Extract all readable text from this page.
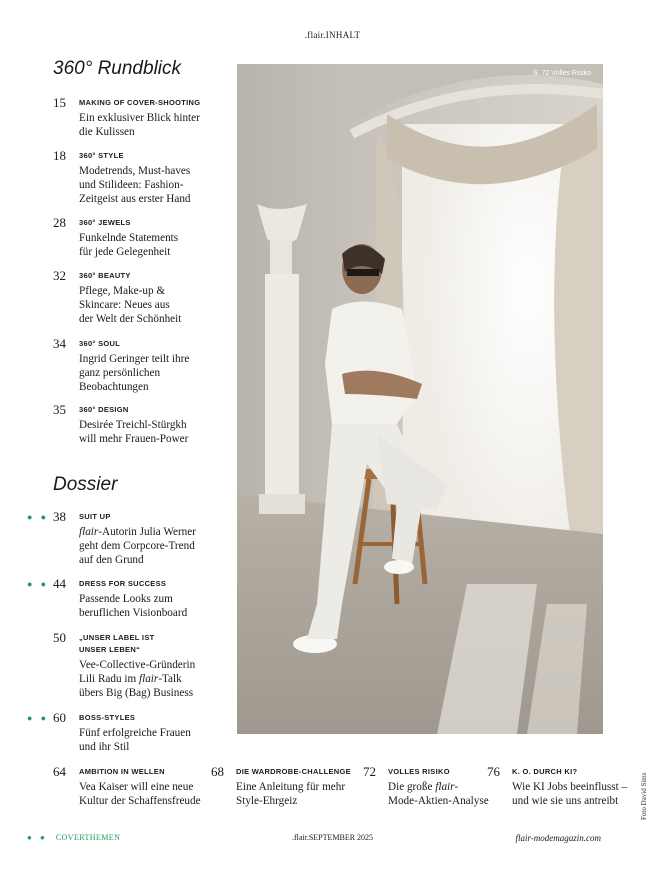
.flair.INHALT
360° Rundblick
15 MAKING OF COVER-SHOOTING
Ein exklusiver Blick hinter
die Kulissen
18 360° STYLE
Modetrends, Must-haves
und Stilideen: Fashion-
Zeitgeist aus erster Hand
28 360° JEWELS
Funkelnde Statements
für jede Gelegenheit
32 360° BEAUTY
Pflege, Make-up &
Skincare: Neues aus
der Welt der Schönheit
34 360° SOUL
Ingrid Geringer teilt ihre
ganz persönlichen
Beobachtungen
35 360° DESIGN
Desirée Treichl-Stürgkh
will mehr Frauen-Power
Dossier
● ● 38 SUIT UP
flair-Autorin Julia Werner
geht dem Corpcore-Trend
auf den Grund
● ● 44 DRESS FOR SUCCESS
Passende Looks zum
beruflichen Visionboard
50 „UNSER LABEL IST
UNSER LEBEN“
Vee-Collective-Gründerin
Lili Radu im flair-Talk
übers Big (Bag) Business
● ● 60 BOSS-STYLES
Fünf erfolgreiche Frauen
und ihr Stil
64 AMBITION IN WELLEN
Vea Kaiser will eine neue
Kultur der Schaffensfreude
S. 72 Volles Risiko
Foto David Sims
68 DIE WARDROBE-CHALLENGE
Eine Anleitung für mehr
Style-Ehrgeiz
72 VOLLES RISIKO
Die große flair-
Mode-Aktien-Analyse
76 K. O. DURCH KI?
Wie KI Jobs beeinflusst –
und wie sie uns antreibt
● ● COVERTHEMEN	.flair.SEPTEMBER 2025	flair-modemagazin.com
